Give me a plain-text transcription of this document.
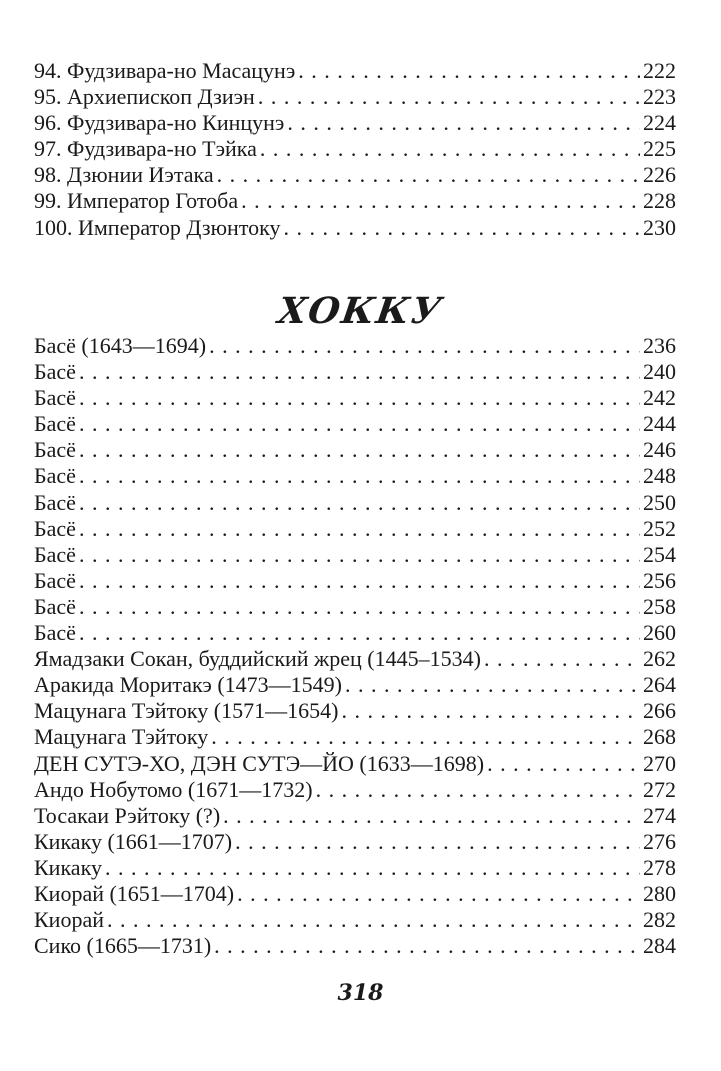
94. Фудзивара-но Масацунэ . . .	222
95. Архиепископ Дзиэн . . .	223
96. Фудзивара-но Кинцунэ . . .	224
97. Фудзивара-но Тэйка . . .	225
98. Дзюнии Иэтака . . .	226
99. Император Готоба . . .	228
100. Император Дзюнтоку . . .	230
ХОККУ
Басё (1643—1694) . . .	236
Басё . . .	240
Басё . . .	242
Басё . . .	244
Басё . . .	246
Басё . . .	248
Басё . . .	250
Басё . . .	252
Басё . . .	254
Басё . . .	256
Басё . . .	258
Басё . . .	260
Ямадзаки Сокан, буддийский жрец (1445–1534) . . .	262
Аракида Моритакэ (1473—1549) . . .	264
Мацунага Тэйтоку (1571—1654) . . .	266
Мацунага Тэйтоку . . .	268
ДЕН СУТЭ-ХО, ДЭН СУТЭ—ЙО (1633—1698) . . .	270
Андо Нобутомо (1671—1732) . . .	272
Тосакаи Рэйтоку (?) . . .	274
Кикаку (1661—1707) . . .	276
Кикаку . . .	278
Киорай (1651—1704) . . .	280
Киорай . . .	282
Сико (1665—1731) . . .	284
318
